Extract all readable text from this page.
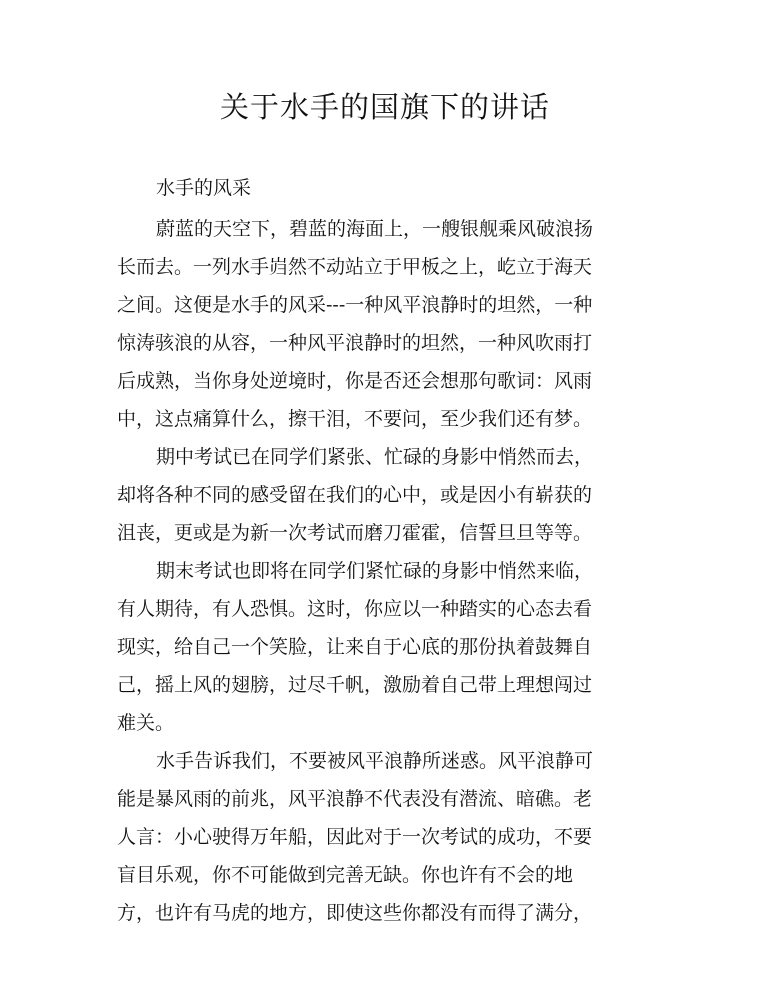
关于水手的国旗下的讲话

水手的风采

蔚蓝的天空下，碧蓝的海面上，一艘银舰乘风破浪扬

长而去。一列水手岿然不动站立于甲板之上，屹立于海天

之间。这便是水手的风采---一种风平浪静时的坦然，一种

惊涛骇浪的从容，一种风平浪静时的坦然，一种风吹雨打

后成熟，当你身处逆境时，你是否还会想那句歌词：风雨

中，这点痛算什么，擦干泪，不要问，至少我们还有梦。

期中考试已在同学们紧张、忙碌的身影中悄然而去，

却将各种不同的感受留在我们的心中，或是因小有崭获的

沮丧，更或是为新一次考试而磨刀霍霍，信誓旦旦等等。

期末考试也即将在同学们紧忙碌的身影中悄然来临，

有人期待，有人恐惧。这时，你应以一种踏实的心态去看

现实，给自己一个笑脸，让来自于心底的那份执着鼓舞自

己，摇上风的翅膀，过尽千帆，激励着自己带上理想闯过

难关。

水手告诉我们，不要被风平浪静所迷惑。风平浪静可

能是暴风雨的前兆，风平浪静不代表没有潜流、暗礁。老

人言：小心驶得万年船，因此对于一次考试的成功，不要

盲目乐观，你不可能做到完善无缺。你也许有不会的地

方，也许有马虎的地方，即使这些你都没有而得了满分，
